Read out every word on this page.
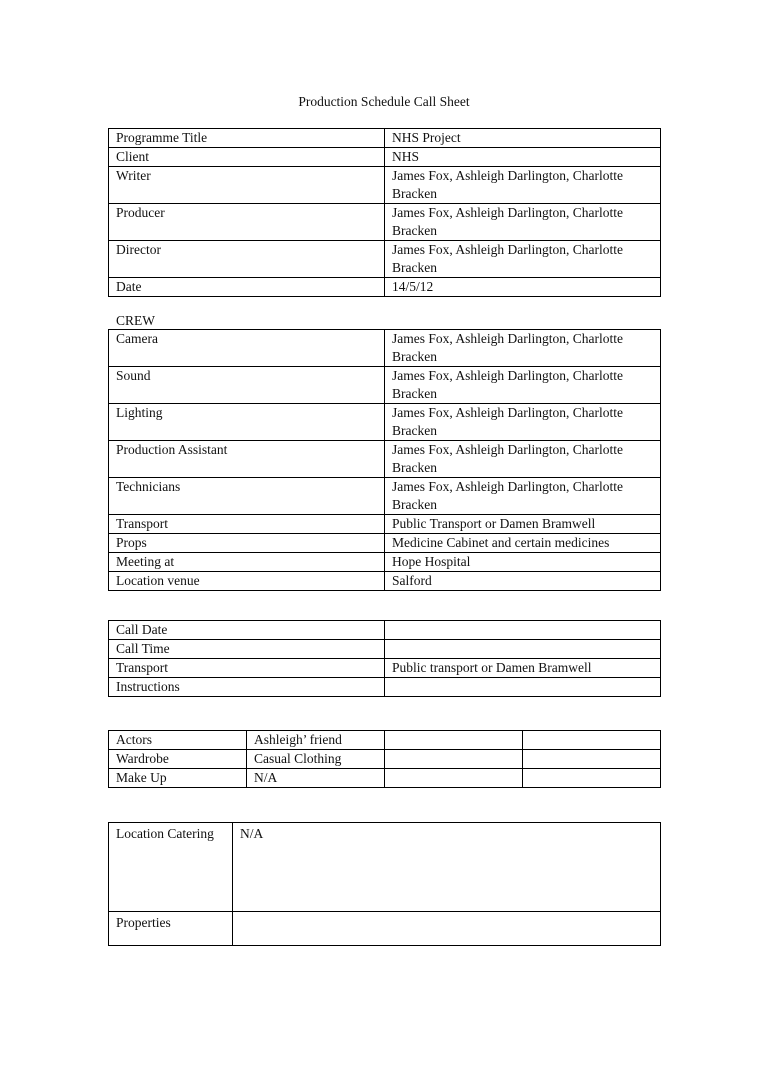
Production Schedule Call Sheet
Programme Title	NHS Project
Client	NHS
Writer	James Fox, Ashleigh Darlington, Charlotte Bracken
Producer	James Fox, Ashleigh Darlington, Charlotte Bracken
Director	James Fox, Ashleigh Darlington, Charlotte Bracken
Date	14/5/12
CREW
Camera	James Fox, Ashleigh Darlington, Charlotte Bracken
Sound	James Fox, Ashleigh Darlington, Charlotte Bracken
Lighting	James Fox, Ashleigh Darlington, Charlotte Bracken
Production Assistant	James Fox, Ashleigh Darlington, Charlotte Bracken
Technicians	James Fox, Ashleigh Darlington, Charlotte Bracken
Transport	Public Transport or Damen Bramwell
Props	Medicine Cabinet and certain medicines
Meeting at	Hope Hospital
Location venue	Salford
Call Date	
Call Time	
Transport	Public transport or Damen Bramwell
Instructions	
Actors	Ashleigh’ friend		
Wardrobe	Casual Clothing		
Make Up	N/A		
Location Catering	N/A
Properties	
